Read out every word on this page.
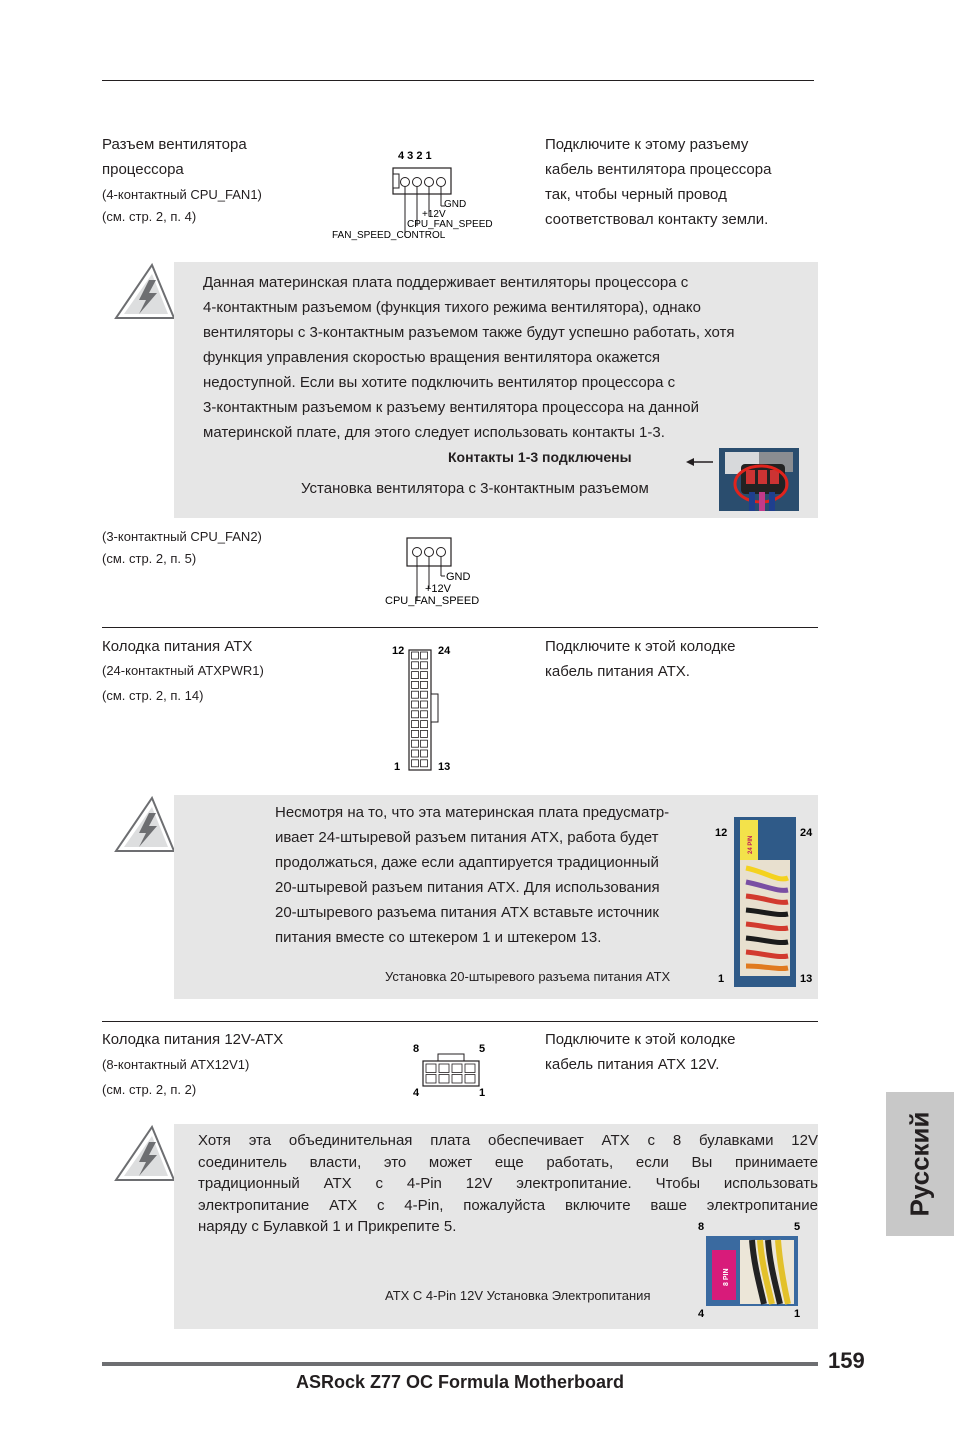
Разъем вентилятора
процессора
(4-контактный CPU_FAN1)
(см. стр. 2, п. 4)
4 3 2 1
GND
+12V
CPU_FAN_SPEED
FAN_SPEED_CONTROL
Подключите к этому разъему
кабель вентилятора процессора
так, чтобы черный провод
соответствовал контакту земли.
Данная материнская плата поддерживает вентиляторы процессора с
4-контактным разъемом (функция тихого режима вентилятора), однако
вентиляторы с 3-контактным разъемом также будут успешно работать, хотя
функция управления скоростью вращения вентилятора окажется
недоступной. Если вы хотите подключить вентилятор процессора с
3-контактным разъемом к разъему вентилятора процессора на данной
материнской плате, для этого следует использовать контакты 1-3.
Контакты 1-3 подключены
Установка вентилятора с 3-контактным разъемом
(3-контактный CPU_FAN2)
(см. стр. 2, п. 5)
GND
+12V
CPU_FAN_SPEED
Колодка питания ATX
(24-контактный ATXPWR1)
(см. стр. 2, п. 14)
12	24
1	13
Подключите к этой колодке
кабель питания ATX.
Несмотря на то, что эта материнская плата предусматр-
ивает 24-штыревой разъем питания ATX, работа будет
продолжаться, даже если адаптируется традиционный
20-штыревой разъем питания ATX. Для использования
20-штыревого разъема питания ATX вставьте источник
питания вместе со штекером 1 и штекером 13.
Установка 20-штыревого разъема питания ATX
12	24
24 PIN
1	13
Колодка питания 12V-ATX
(8-контактный ATX12V1)
(см. стр. 2, п. 2)
8	5
4	1
Подключите к этой колодке
кабель питания ATX 12V.
Хотя эта объединительная плата обеспечивает ATX с 8 булавками 12V
соединитель власти, это может еще работать, если Вы принимаете
традиционный ATX с 4-Pin 12V электропитание. Чтобы использовать
электропитание ATX с 4-Pin, пожалуйста включите ваше электропитание
наряду с Булавкой 1 и Прикрепите 5.
ATX С 4-Pin 12V Установка Электропитания
8	5
8 PIN
4	1
Русский
159
ASRock Z77 OC Formula Motherboard
